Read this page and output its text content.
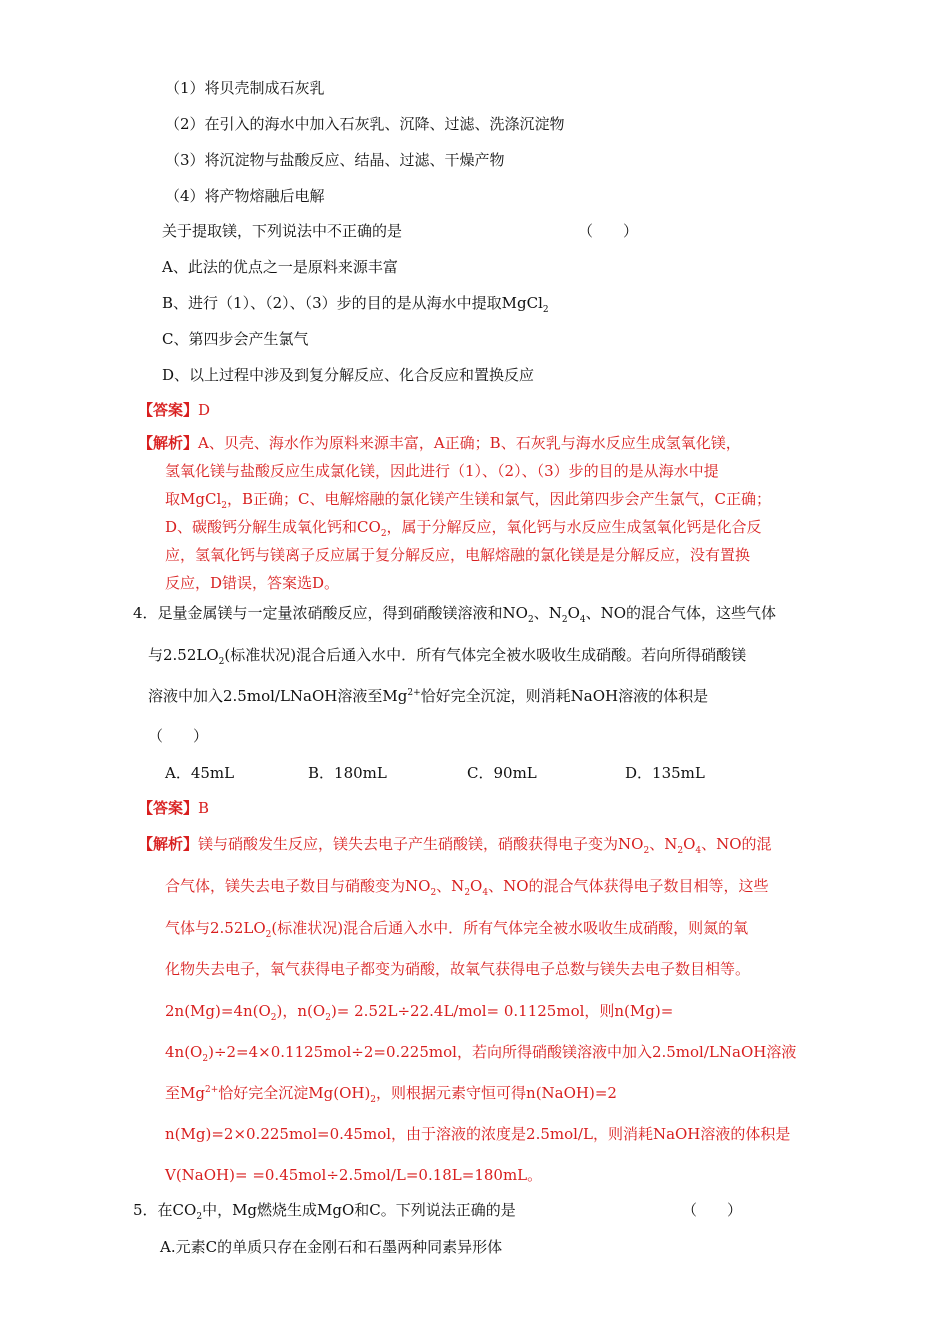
（1）将贝壳制成石灰乳
（2）在引入的海水中加入石灰乳、沉降、过滤、洗涤沉淀物
（3）将沉淀物与盐酸反应、结晶、过滤、干燥产物
（4）将产物熔融后电解
关于提取镁，下列说法中不正确的是	（　　）
A、此法的优点之一是原料来源丰富
B、进行（1）、（2）、（3）步的目的是从海水中提取MgCl$_2$
C、第四步会产生氯气
D、以上过程中涉及到复分解反应、化合反应和置换反应
【答案】D
【解析】A、贝壳、海水作为原料来源丰富，A正确；B、石灰乳与海水反应生成氢氧化镁，
氢氧化镁与盐酸反应生成氯化镁，因此进行（1）、（2）、（3）步的目的是从海水中提
取MgCl$_2$，B正确；C、电解熔融的氯化镁产生镁和氯气，因此第四步会产生氯气，C正确；
D、碳酸钙分解生成氧化钙和$CO_2$，属于分解反应，氧化钙与水反应生成氢氧化钙是化合反
应，氢氧化钙与镁离子反应属于复分解反应，电解熔融的氯化镁是是分解反应，没有置换
反应，D错误，答案选D。
4．足量金属镁与一定量浓硝酸反应，得到硝酸镁溶液和$NO_2$、$N_2O_4$、NO的混合气体，这些气体
与$2.52LO_2$(标准状况)混合后通入水中．所有气体完全被水吸收生成硝酸。若向所得硝酸镁
溶液中加入2.5mol/LNaOH溶液至$Mg^{2+}$恰好完全沉淀，则消耗NaOH溶液的体积是
（　　）
A．45mL	B．180mL	C．90mL	D．135mL
【答案】B
【解析】镁与硝酸发生反应，镁失去电子产生硝酸镁，硝酸获得电子变为$NO_2$、$N_2O_4$、NO的混
合气体，镁失去电子数目与硝酸变为$NO_2$、$N_2O_4$、NO的混合气体获得电子数目相等，这些
气体与$2.52LO_2$(标准状况)混合后通入水中．所有气体完全被水吸收生成硝酸，则氮的氧
化物失去电子，氧气获得电子都变为硝酸，故氧气获得电子总数与镁失去电子数目相等。
$2n(Mg)=4n(O_2)$，$n(O_2)= 2.52L\div 22.4L/mol= 0.1125mol$，则n(Mg)=
$4n(O_2)\div 2=4\times 0.1125mol\div 2=0.225mol$，若向所得硝酸镁溶液中加入2.5mol/LNaOH溶液
至$Mg^{2+}$恰好完全沉淀$Mg(OH)_2$，则根据元素守恒可得n(NaOH)=2
n(Mg)=2×0.225mol=0.45mol，由于溶液的浓度是2.5mol/L，则消耗NaOH溶液的体积是
V(NaOH)= =0.45mol÷2.5mol/L=0.18L=180mL。
5．在$CO_2$中，Mg燃烧生成MgO和C。下列说法正确的是	（　　）
A.元素C的单质只存在金刚石和石墨两种同素异形体
